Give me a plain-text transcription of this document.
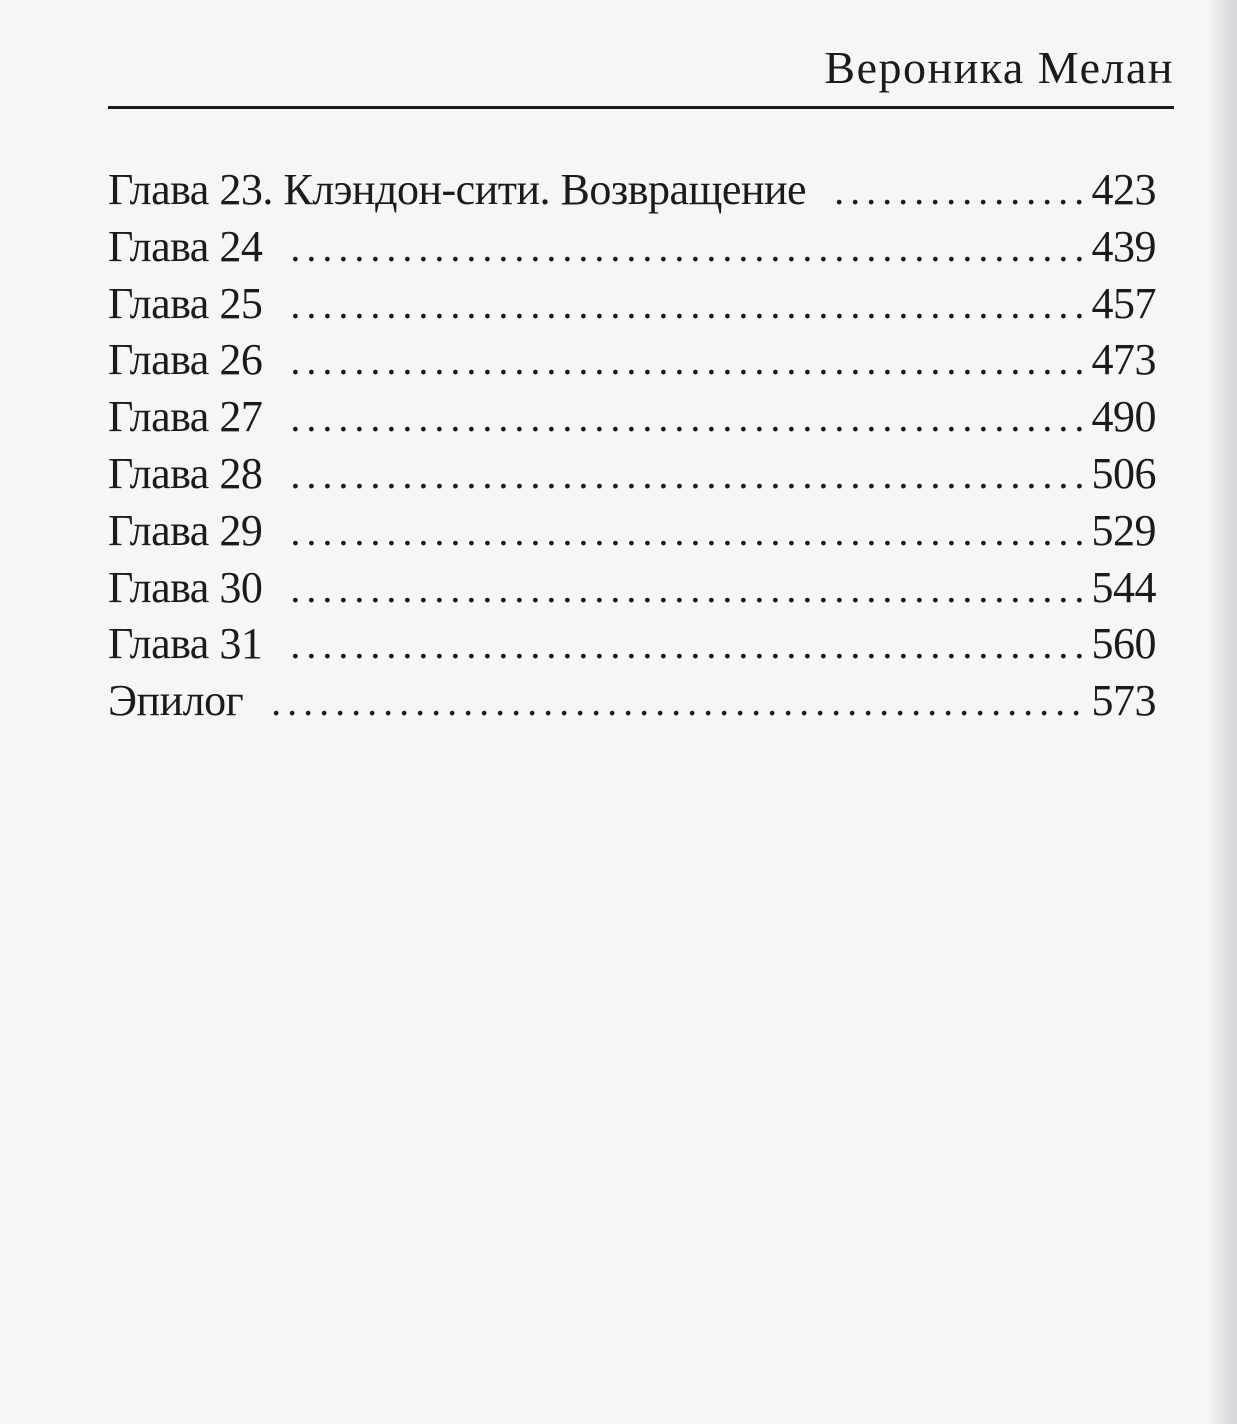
Вероника Мелан
Глава 23. Клэндон-сити. Возвращение . . .	423
Глава 24 . . .	439
Глава 25 . . .	457
Глава 26 . . .	473
Глава 27 . . .	490
Глава 28 . . .	506
Глава 29 . . .	529
Глава 30 . . .	544
Глава 31 . . .	560
Эпилог . . .	573
